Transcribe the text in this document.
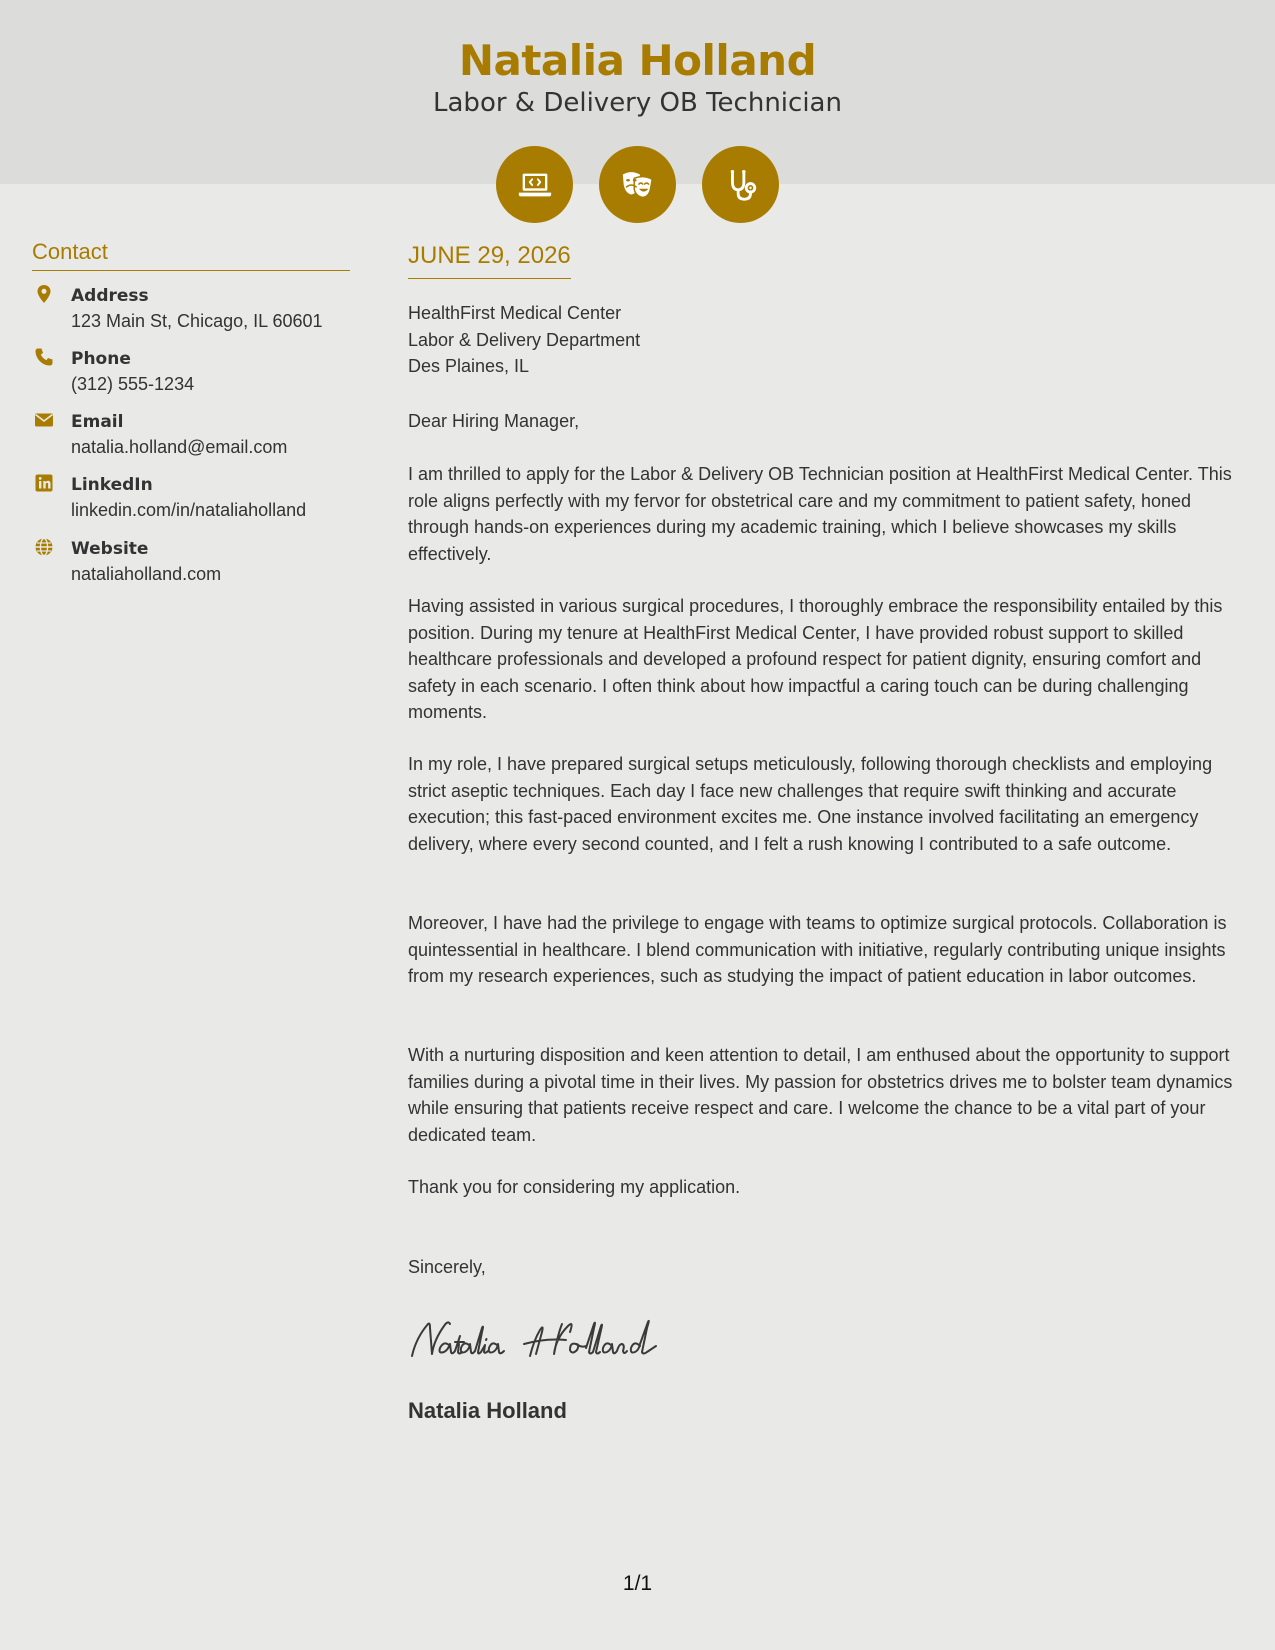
Natalia Holland
Labor & Delivery OB Technician
Contact
Address
123 Main St, Chicago, IL 60601
Phone
(312) 555-1234
Email
natalia.holland@email.com
LinkedIn
linkedin.com/in/nataliaholland
Website
nataliaholland.com
JUNE 29, 2026
HealthFirst Medical Center
Labor & Delivery Department
Des Plaines, IL

Dear Hiring Manager,

I am thrilled to apply for the Labor & Delivery OB Technician position at HealthFirst Medical Center. This role aligns perfectly with my fervor for obstetrical care and my commitment to patient safety, honed through hands-on experiences during my academic training, which I believe showcases my skills effectively.

Having assisted in various surgical procedures, I thoroughly embrace the responsibility entailed by this position. During my tenure at HealthFirst Medical Center, I have provided robust support to skilled healthcare professionals and developed a profound respect for patient dignity, ensuring comfort and safety in each scenario. I often think about how impactful a caring touch can be during challenging moments.

In my role, I have prepared surgical setups meticulously, following thorough checklists and employing strict aseptic techniques. Each day I face new challenges that require swift thinking and accurate execution; this fast-paced environment excites me. One instance involved facilitating an emergency delivery, where every second counted, and I felt a rush knowing I contributed to a safe outcome.

Moreover, I have had the privilege to engage with teams to optimize surgical protocols. Collaboration is quintessential in healthcare. I blend communication with initiative, regularly contributing unique insights from my research experiences, such as studying the impact of patient education in labor outcomes.

With a nurturing disposition and keen attention to detail, I am enthused about the opportunity to support families during a pivotal time in their lives. My passion for obstetrics drives me to bolster team dynamics while ensuring that patients receive respect and care. I welcome the chance to be a vital part of your dedicated team.

Thank you for considering my application.

Sincerely,

Natalia Holland
1/1
